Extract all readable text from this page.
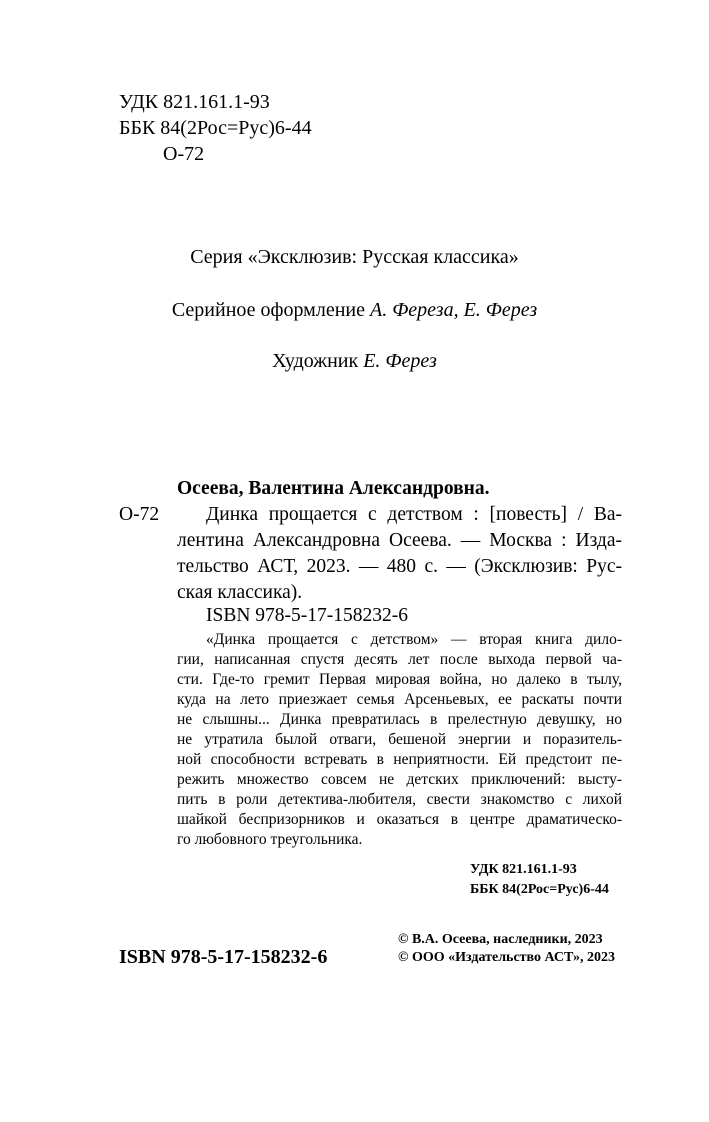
УДК 821.161.1-93
ББК 84(2Рос=Рус)6-44
О-72
Серия «Эксклюзив: Русская классика»
Серийное оформление А. Фереза, Е. Ферез
Художник Е. Ферез
Осеева, Валентина Александровна.
О-72 Динка прощается с детством : [повесть] / Ва-
лентина Александровна Осеева. — Москва : Изда-
тельство АСТ, 2023. — 480 с. — (Эксклюзив: Рус-
ская классика).
ISBN 978-5-17-158232-6
«Динка прощается с детством» — вторая книга дило-
гии, написанная спустя десять лет после выхода первой ча-
сти. Где-то гремит Первая мировая война, но далеко в тылу,
куда на лето приезжает семья Арсеньевых, ее раскаты почти
не слышны... Динка превратилась в прелестную девушку, но
не утратила былой отваги, бешеной энергии и поразитель-
ной способности встревать в неприятности. Ей предстоит пе-
режить множество совсем не детских приключений: высту-
пить в роли детектива-любителя, свести знакомство с лихой
шайкой беспризорников и оказаться в центре драматическо-
го любовного треугольника.
УДК 821.161.1-93
ББК 84(2Рос=Рус)6-44
ISBN 978-5-17-158232-6
© В.А. Осеева, наследники, 2023
© ООО «Издательство АСТ», 2023
